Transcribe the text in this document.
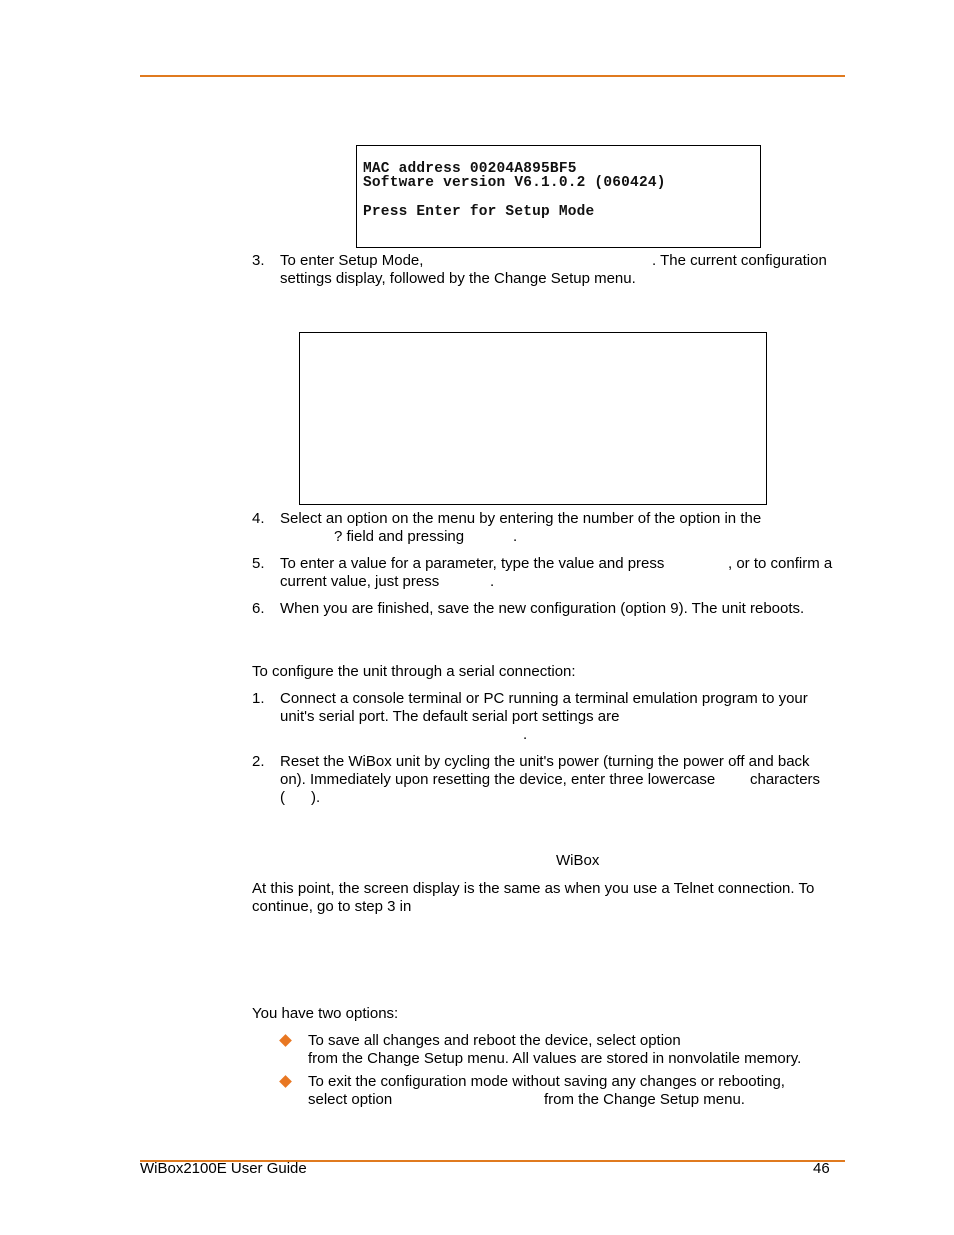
MAC address 00204A895BF5
Software version V6.1.0.2 (060424)
Press Enter for Setup Mode
3. To enter Setup Mode,	. The current configuration
settings display, followed by the Change Setup menu.
4. Select an option on the menu by entering the number of the option in the
? field and pressing	.
5. To enter a value for a parameter, type the value and press	, or to confirm a
current value, just press	.
6. When you are finished, save the new configuration (option 9). The unit reboots.
To configure the unit through a serial connection:
1. Connect a console terminal or PC running a terminal emulation program to your
unit's serial port. The default serial port settings are
.
2. Reset the WiBox unit by cycling the unit's power (turning the power off and back
on). Immediately upon resetting the device, enter three lowercase characters
( ).
WiBox
At this point, the screen display is the same as when you use a Telnet connection. To
continue, go to step 3 in
You have two options:
To save all changes and reboot the device, select option
from the Change Setup menu. All values are stored in nonvolatile memory.
To exit the configuration mode without saving any changes or rebooting,
select option	from the Change Setup menu.
WiBox2100E User Guide	46
